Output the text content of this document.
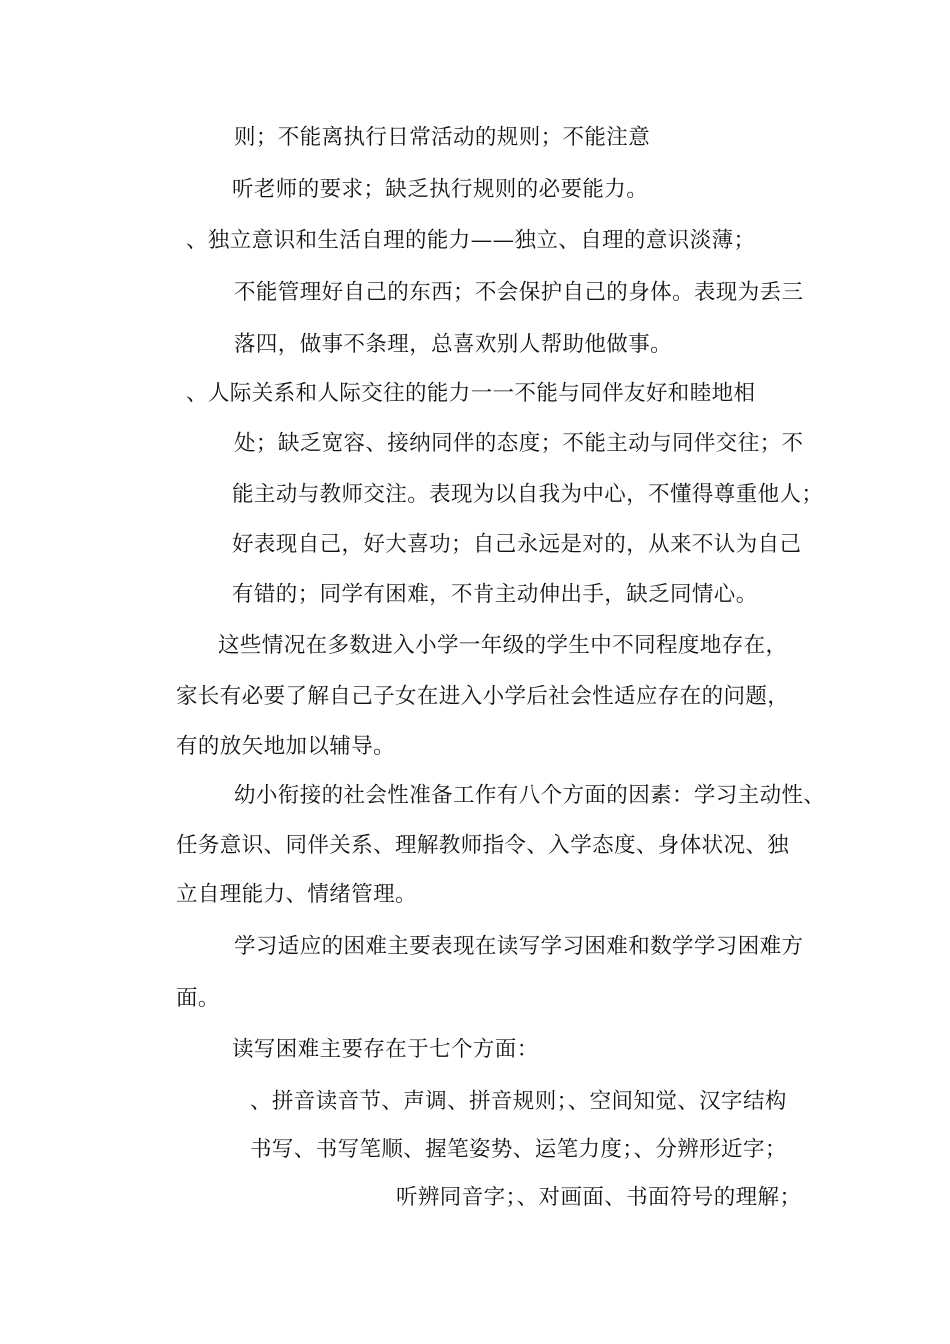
则；不能离执行日常活动的规则；不能注意
听老师的要求；缺乏执行规则的必要能力。
、独立意识和生活自理的能力——独立、自理的意识淡薄；
不能管理好自己的东西；不会保护自己的身体。表现为丢三
落四，做事不条理，总喜欢别人帮助他做事。
、人际关系和人际交往的能力一一不能与同伴友好和睦地相
处；缺乏宽容、接纳同伴的态度；不能主动与同伴交往；不
能主动与教师交注。表现为以自我为中心，不懂得尊重他人；
好表现自己，好大喜功；自己永远是对的，从来不认为自己
有错的；同学有困难，不肯主动伸出手，缺乏同情心。
这些情况在多数进入小学一年级的学生中不同程度地存在，
家长有必要了解自己子女在进入小学后社会性适应存在的问题，
有的放矢地加以辅导。
幼小衔接的社会性准备工作有八个方面的因素：学习主动性、
任务意识、同伴关系、理解教师指令、入学态度、身体状况、独
立自理能力、情绪管理。
学习适应的困难主要表现在读写学习困难和数学学习困难方
面。
读写困难主要存在于七个方面：
、拼音读音节、声调、拼音规则；、空间知觉、汉字结构
书写、书写笔顺、握笔姿势、运笔力度；、分辨形近字；
听辨同音字；、对画面、书面符号的理解；
